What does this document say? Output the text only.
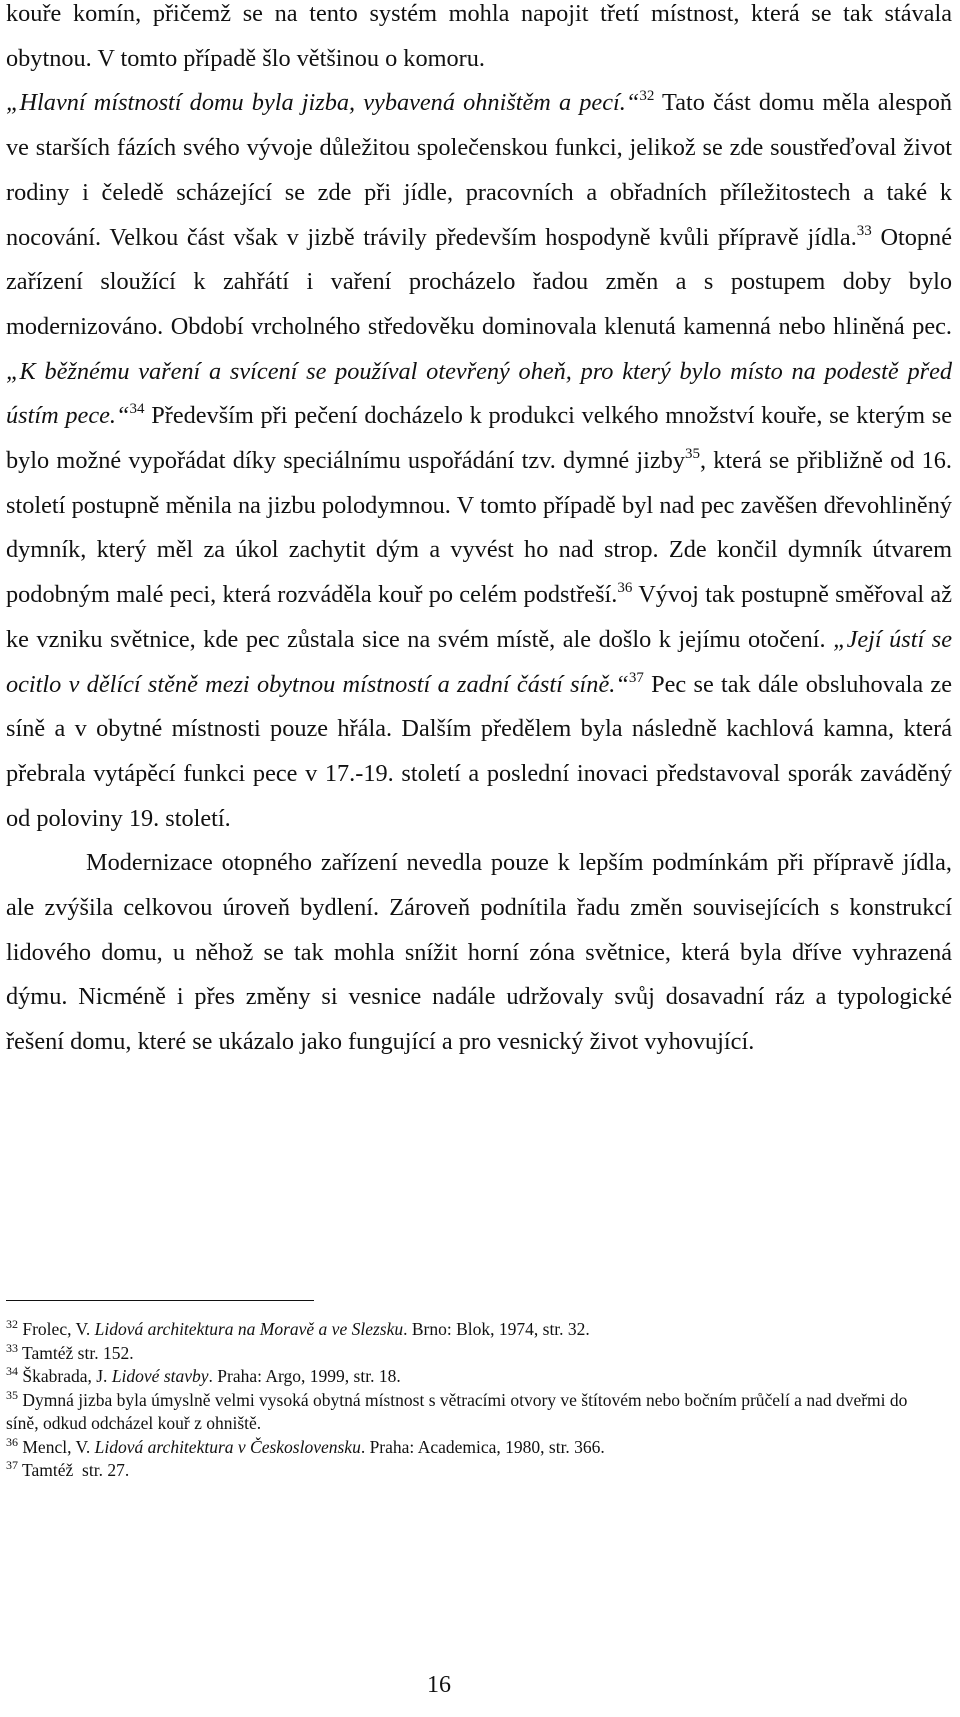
kouře komín, přičemž se na tento systém mohla napojit třetí místnost, která se tak stávala obytnou. V tomto případě šlo většinou o komoru.

„Hlavní místností domu byla jizba, vybavená ohništěm a pecí.“$^{32}$ Tato část domu měla alespoň ve starších fázích svého vývoje důležitou společenskou funkci, jelikož se zde soustřeďoval život rodiny i čeledě scházející se zde při jídle, pracovních a obřadních příležitostech a také k nocování. Velkou část však v jizbě trávily především hospodyně kvůli přípravě jídla.$^{33}$ Otopné zařízení sloužící k zahřátí i vaření procházelo řadou změn a s postupem doby bylo modernizováno. Období vrcholného středověku dominovala klenutá kamenná nebo hliněná pec. „K běžnému vaření a svícení se používal otevřený oheň, pro který bylo místo na podestě před ústím pece.“$^{34}$ Především při pečení docházelo k produkci velkého množství kouře, se kterým se bylo možné vypořádat díky speciálnímu uspořádání tzv. dymné jizby$^{35}$, která se přibližně od 16. století postupně měnila na jizbu polodymnou. V tomto případě byl nad pec zavěšen dřevohliněný dymník, který měl za úkol zachytit dým a vyvést ho nad strop. Zde končil dymník útvarem podobným malé peci, která rozváděla kouř po celém podstřeší.$^{36}$ Vývoj tak postupně směřoval až ke vzniku světnice, kde pec zůstala sice na svém místě, ale došlo k jejímu otočení. „Její ústí se ocitlo v dělící stěně mezi obytnou místností a zadní částí síně.“$^{37}$ Pec se tak dále obsluhovala ze síně a v obytné místnosti pouze hřála. Dalším předělem byla následně kachlová kamna, která přebrala vytápěcí funkci pece v 17.-19. století a poslední inovaci představoval sporák zaváděný od poloviny 19. století.

Modernizace otopného zařízení nevedla pouze k lepším podmínkám při přípravě jídla, ale zvýšila celkovou úroveň bydlení. Zároveň podnítila řadu změn souvisejících s konstrukcí lidového domu, u něhož se tak mohla snížit horní zóna světnice, která byla dříve vyhrazená dýmu. Nicméně i přes změny si vesnice nadále udržovaly svůj dosavadní ráz a typologické řešení domu, které se ukázalo jako fungující a pro vesnický život vyhovující.

$^{32}$ Frolec, V. Lidová architektura na Moravě a ve Slezsku. Brno: Blok, 1974, str. 32.

$^{33}$ Tamtéž str. 152.

$^{34}$ Škabrada, J. Lidové stavby. Praha: Argo, 1999, str. 18.

$^{35}$ Dymná jizba byla úmyslně velmi vysoká obytná místnost s větracími otvory ve štítovém nebo bočním průčelí a nad dveřmi do síně, odkud odcházel kouř z ohniště.

$^{36}$ Mencl, V. Lidová architektura v Československu. Praha: Academica, 1980, str. 366.

$^{37}$ Tamtéž  str. 27.

16
